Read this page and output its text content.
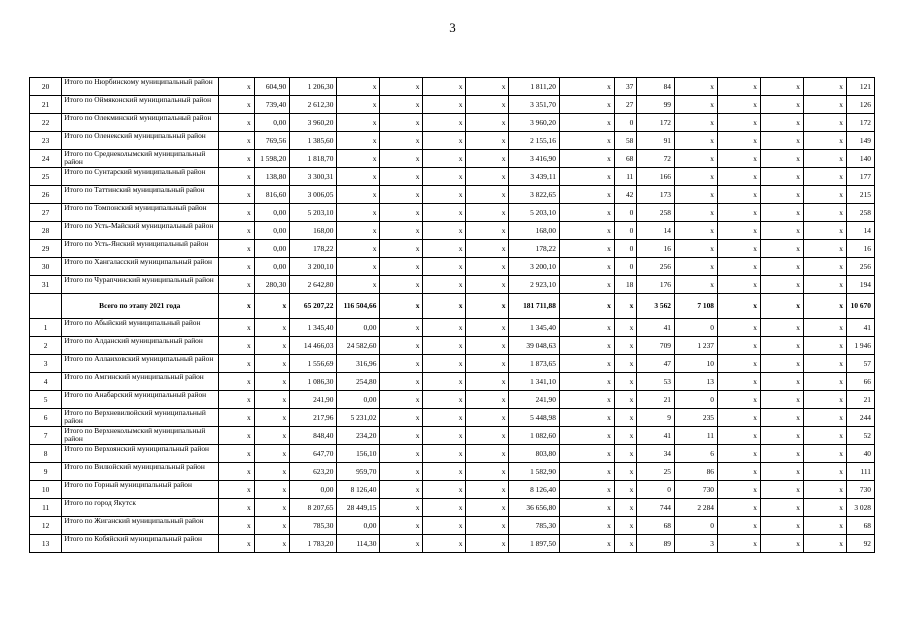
3
20	Итого по Нюрбинскому муниципальный район	x	604,90	1 206,30	x	x	x	x	1 811,20	x	37	84	x	x	x	x	121
21	Итого по Оймяконский муниципальный район	x	739,40	2 612,30	x	x	x	x	3 351,70	x	27	99	x	x	x	x	126
22	Итого по Олекминский муниципальный район	x	0,00	3 960,20	x	x	x	x	3 960,20	x	0	172	x	x	x	x	172
23	Итого по Оленекский муниципальный район	x	769,56	1 385,60	x	x	x	x	2 155,16	x	58	91	x	x	x	x	149
24	Итого по Среднеколымский муниципальный район	x	1 598,20	1 818,70	x	x	x	x	3 416,90	x	68	72	x	x	x	x	140
25	Итого по Сунтарский муниципальный район	x	138,80	3 300,31	x	x	x	x	3 439,11	x	11	166	x	x	x	x	177
26	Итого по Таттинский муниципальный район	x	816,60	3 006,05	x	x	x	x	3 822,65	x	42	173	x	x	x	x	215
27	Итого по Томпонский муниципальный район	x	0,00	5 203,10	x	x	x	x	5 203,10	x	0	258	x	x	x	x	258
28	Итого по Усть-Майский муниципальный район	x	0,00	168,00	x	x	x	x	168,00	x	0	14	x	x	x	x	14
29	Итого по Усть-Янский муниципальный район	x	0,00	178,22	x	x	x	x	178,22	x	0	16	x	x	x	x	16
30	Итого по Хангаласский муниципальный район	x	0,00	3 200,10	x	x	x	x	3 200,10	x	0	256	x	x	x	x	256
31	Итого по Чурапчинский муниципальный район	x	280,30	2 642,80	x	x	x	x	2 923,10	x	18	176	x	x	x	x	194
	Всего по этапу 2021 года	x	x	65 207,22	116 504,66	x	x	x	181 711,88	x	x	3 562	7 108	x	x	x	10 670
1	Итого по Абыйский муниципальный район	x	x	1 345,40	0,00	x	x	x	1 345,40	x	x	41	0	x	x	x	41
2	Итого по Алданский муниципальный район	x	x	14 466,03	24 582,60	x	x	x	39 048,63	x	x	709	1 237	x	x	x	1 946
3	Итого по Аллаиховский муниципальный район	x	x	1 556,69	316,96	x	x	x	1 873,65	x	x	47	10	x	x	x	57
4	Итого по Амгинский муниципальный район	x	x	1 086,30	254,80	x	x	x	1 341,10	x	x	53	13	x	x	x	66
5	Итого по Анабарский муниципальный район	x	x	241,90	0,00	x	x	x	241,90	x	x	21	0	x	x	x	21
6	Итого по Верхневилюйский муниципальный район	x	x	217,96	5 231,02	x	x	x	5 448,98	x	x	9	235	x	x	x	244
7	Итого по Верхнеколымский муниципальный район	x	x	848,40	234,20	x	x	x	1 082,60	x	x	41	11	x	x	x	52
8	Итого по Верхоянский муниципальный район	x	x	647,70	156,10	x	x	x	803,80	x	x	34	6	x	x	x	40
9	Итого по Вилюйский муниципальный район	x	x	623,20	959,70	x	x	x	1 582,90	x	x	25	86	x	x	x	111
10	Итого по Горный муниципальный район	x	x	0,00	8 126,40	x	x	x	8 126,40	x	x	0	730	x	x	x	730
11	Итого по город Якутск	x	x	8 207,65	28 449,15	x	x	x	36 656,80	x	x	744	2 284	x	x	x	3 028
12	Итого по Жиганский муниципальный район	x	x	785,30	0,00	x	x	x	785,30	x	x	68	0	x	x	x	68
13	Итого по Кобяйский муниципальный район	x	x	1 783,20	114,30	x	x	x	1 897,50	x	x	89	3	x	x	x	92
